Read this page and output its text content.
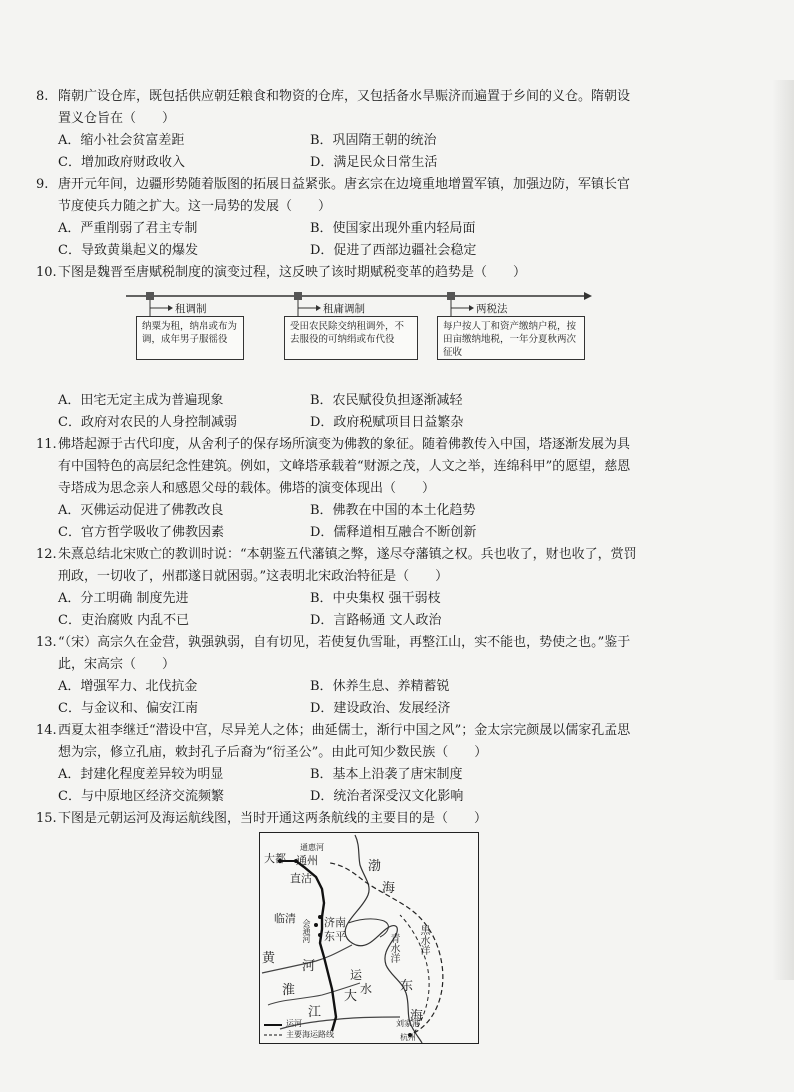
8. 隋朝广设仓库，既包括供应朝廷粮食和物资的仓库，又包括备水旱赈济而遍置于乡间的义仓。隋朝设置义仓旨在（　　）
A．缩小社会贫富差距	B．巩固隋王朝的统治
C．增加政府财政收入	D．满足民众日常生活
9. 唐开元年间，边疆形势随着版图的拓展日益紧张。唐玄宗在边境重地增置军镇，加强边防，军镇长官节度使兵力随之扩大。这一局势的发展（　　）
A．严重削弱了君主专制	B．使国家出现外重内轻局面
C．导致黄巢起义的爆发	D．促进了西部边疆社会稳定
10.下图是魏晋至唐赋税制度的演变过程，这反映了该时期赋税变革的趋势是（　　）
租调制	租庸调制	两税法
纳粟为租，纳帛或布为调，成年男子服徭役
受田农民除交纳租调外，不去服役的可纳绢或布代役
每户按人丁和资产缴纳户税，按田亩缴纳地税，一年分夏秋两次征收
A．田宅无定主成为普遍现象	B．农民赋役负担逐渐减轻
C．政府对农民的人身控制减弱	D．政府税赋项目日益繁杂
11.佛塔起源于古代印度，从舍利子的保存场所演变为佛教的象征。随着佛教传入中国，塔逐渐发展为具有中国特色的高层纪念性建筑。例如，文峰塔承载着“财源之茂，人文之举，连绵科甲”的愿望，慈恩寺塔成为思念亲人和感恩父母的载体。佛塔的演变体现出（　　）
A．灭佛运动促进了佛教改良	B．佛教在中国的本土化趋势
C．官方哲学吸收了佛教因素	D．儒释道相互融合不断创新
12.朱熹总结北宋败亡的教训时说：“本朝鉴五代藩镇之弊，遂尽夺藩镇之权。兵也收了，财也收了，赏罚刑政，一切收了，州郡遂日就困弱。”这表明北宋政治特征是（　　）
A．分工明确 制度先进	B．中央集权 强干弱枝
C．吏治腐败 内乱不已	D．言路畅通 文人政治
13.“（宋）高宗久在金营，孰强孰弱，自有切见，若使复仇雪耻，再整江山，实不能也，势使之也。”鉴于此，宋高宗（　　）
A．增强军力、北伐抗金	B．休养生息、养精蓄锐
C．与金议和、偏安江南	D．建设政治、发展经济
14.西夏太祖李继迁“潜设中宫，尽异羌人之体；曲延儒士，渐行中国之风”；金太宗完颜晟以儒家孔孟思想为宗，修立孔庙，敕封孔子后裔为“衍圣公”。由此可知少数民族（　　）
A．封建化程度差异较为明显	B．基本上沿袭了唐宋制度
C．与中原地区经济交流频繁	D．统治者深受汉文化影响
15.下图是元朝运河及海运航线图，当时开通这两条航线的主要目的是（　　）
大都 通州
通惠河
直沽
渤
海
临清	济南
东平
会通河
黄
河
淮
江
大
东
海
运
水
青水洋 黑水洋
刘家港
杭州
运河
主要海运路线
